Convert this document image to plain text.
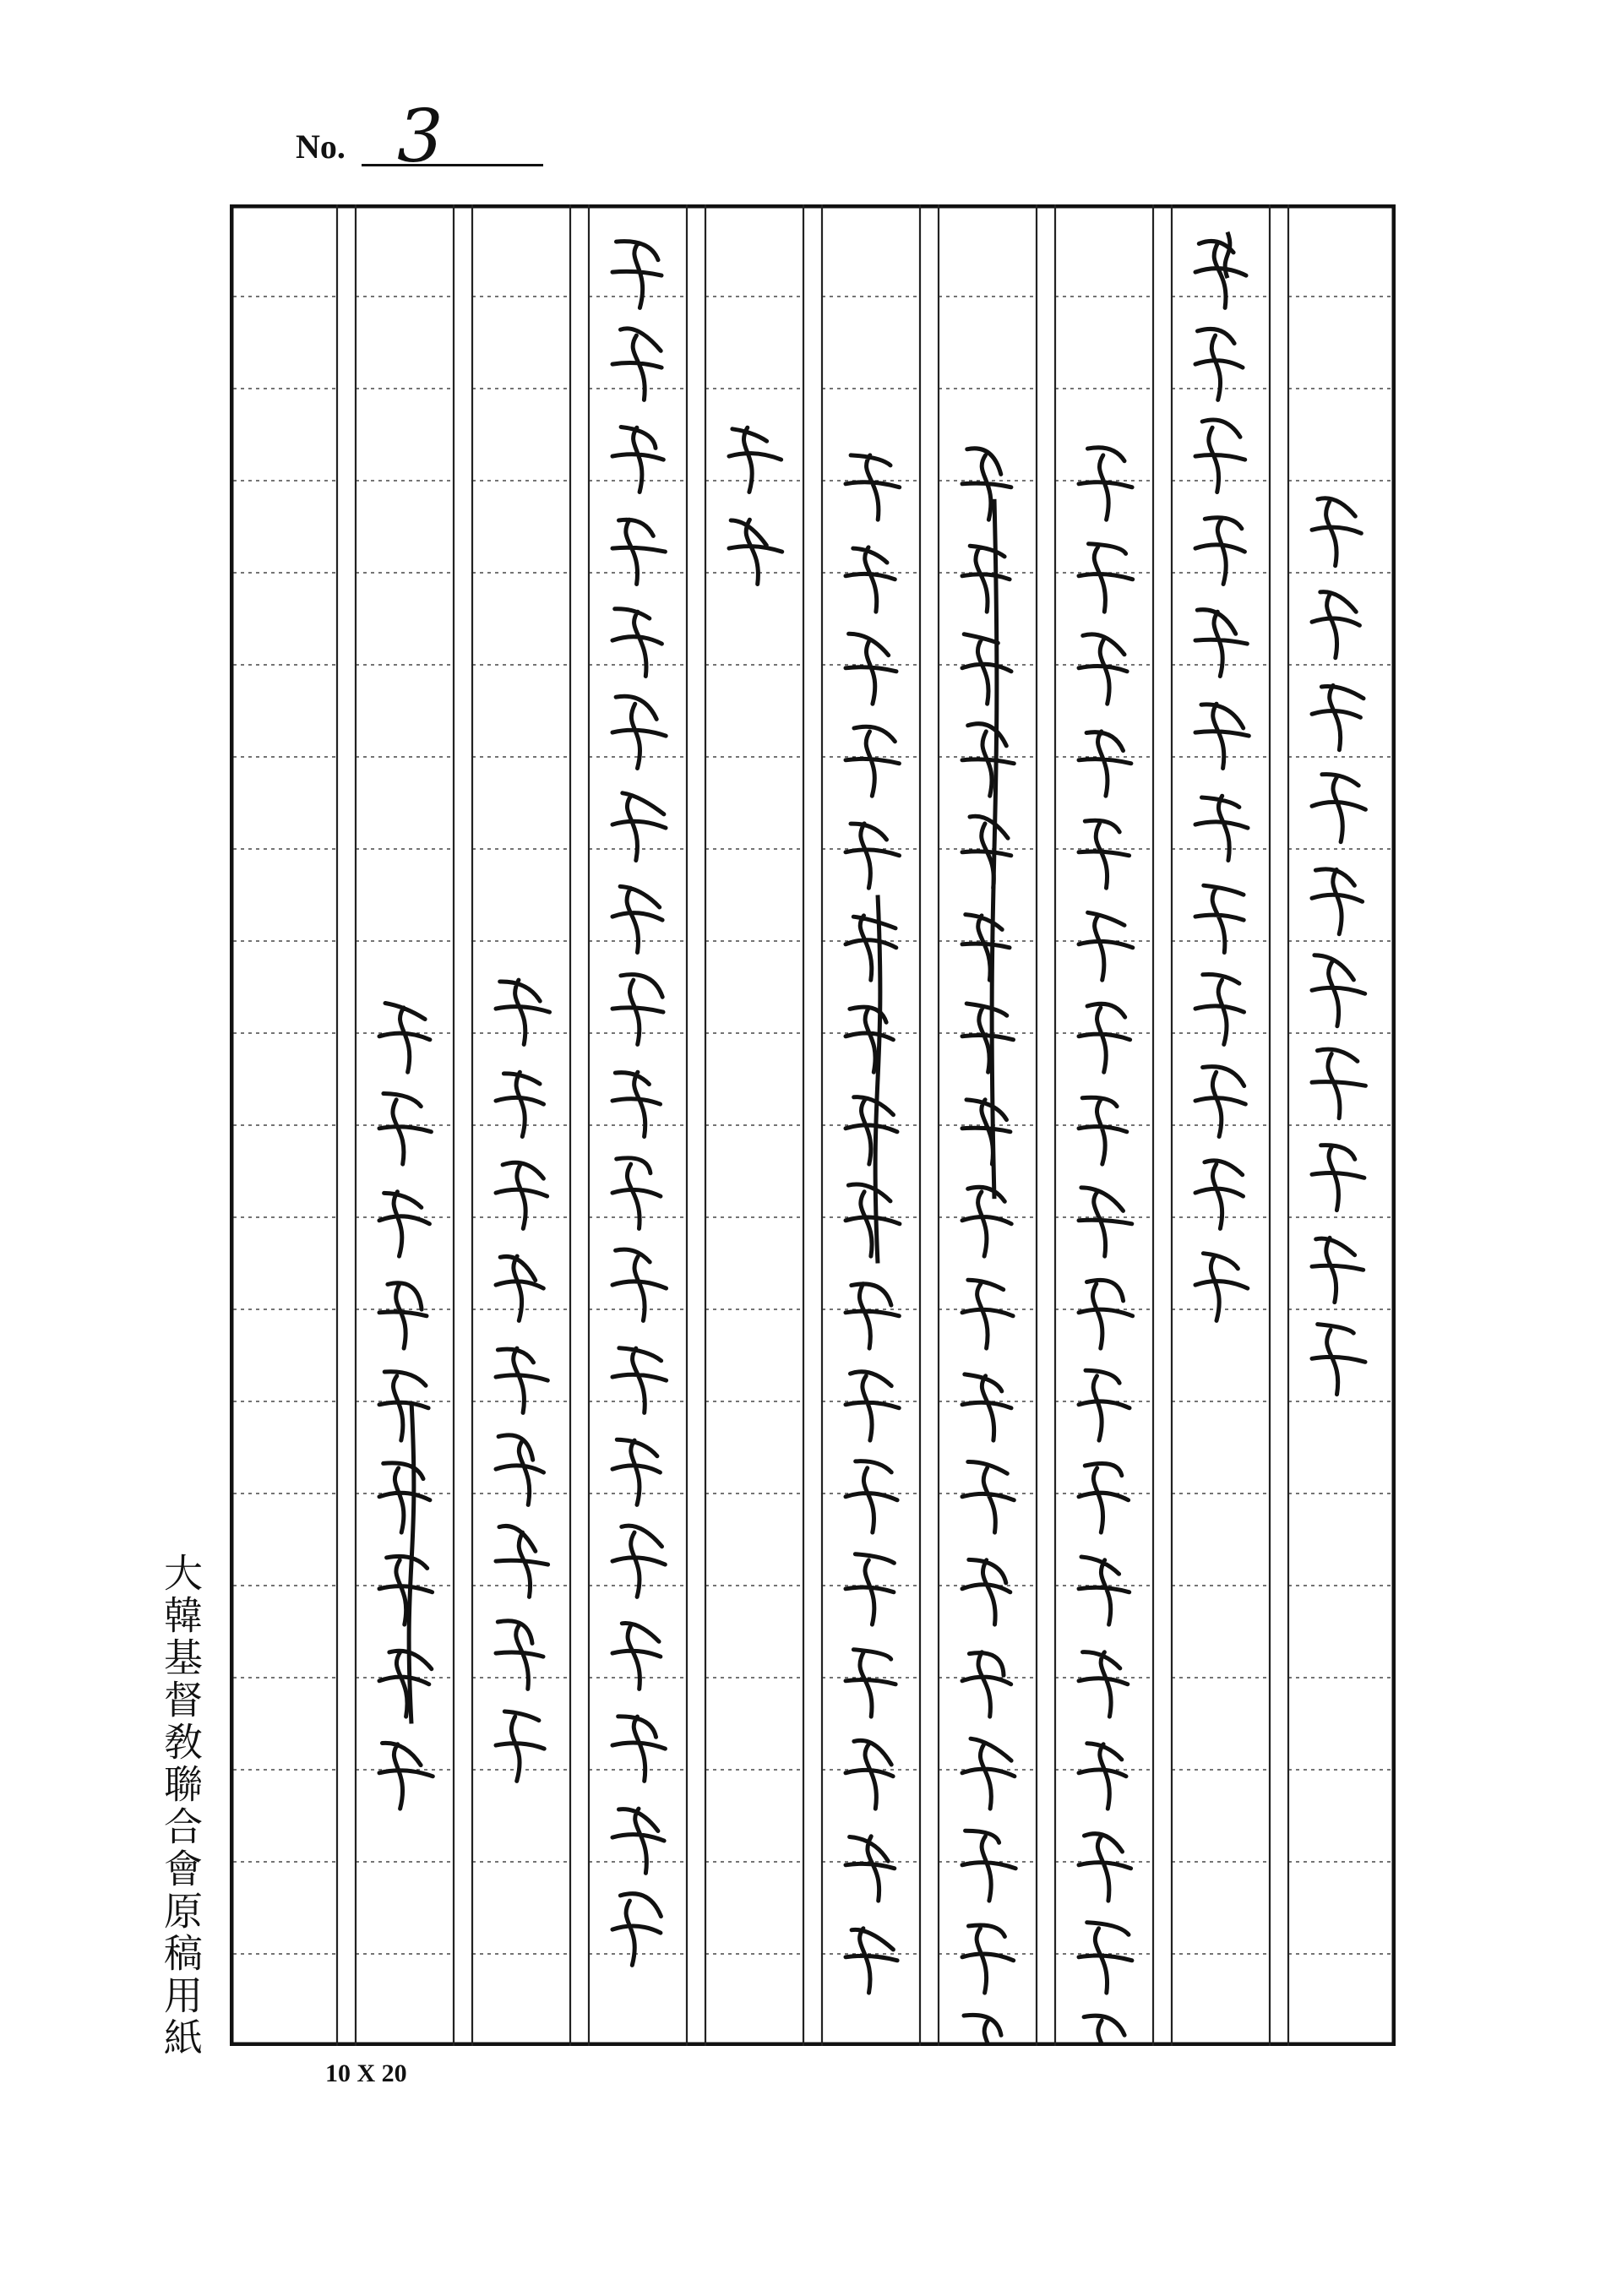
No. 3
大韓基督敎聯合會原稿用紙
10 X 20
